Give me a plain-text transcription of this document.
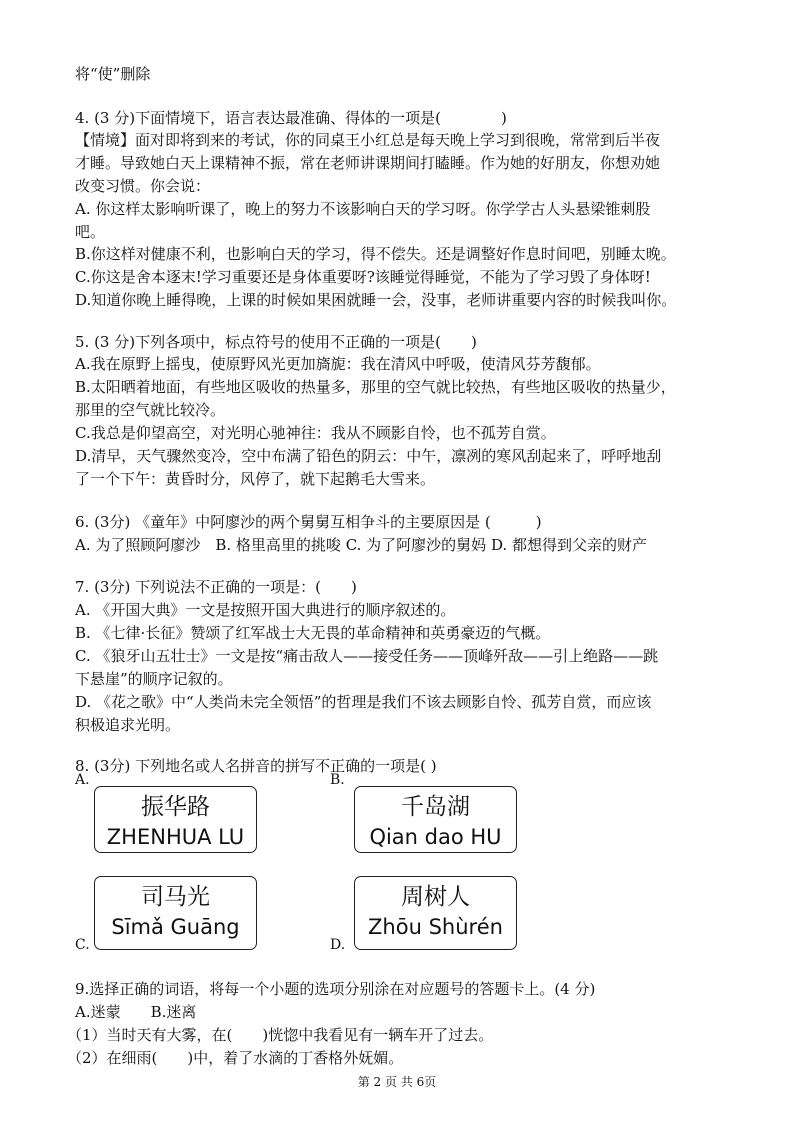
将“使”删除
4. (3 分)下面情境下，语言表达最准确、得体的一项是(　　　　)
【情境】面对即将到来的考试，你的同桌王小红总是每天晚上学习到很晚，常常到后半夜
才睡。导致她白天上课精神不振，常在老师讲课期间打瞌睡。作为她的好朋友，你想劝她
改变习惯。你会说：
A. 你这样太影响听课了，晚上的努力不该影响白天的学习呀。你学学古人头悬梁锥刺股
吧。
B.你这样对健康不利，也影响白天的学习，得不偿失。还是调整好作息时间吧，别睡太晚。
C.你这是舍本逐末!学习重要还是身体重要呀?该睡觉得睡觉，不能为了学习毁了身体呀!
D.知道你晚上睡得晚，上课的时候如果困就睡一会，没事，老师讲重要内容的时候我叫你。
5. (3 分)下列各项中，标点符号的使用不正确的一项是(　　)
A.我在原野上摇曳，使原野风光更加旖旎：我在清风中呼吸，使清风芬芳馥郁。
B.太阳晒着地面，有些地区吸收的热量多，那里的空气就比较热，有些地区吸收的热量少，
那里的空气就比较冷。
C.我总是仰望高空，对光明心驰神往：我从不顾影自怜，也不孤芳自赏。
D.清早，天气骤然变冷，空中布满了铅色的阴云：中午，凛冽的寒风刮起来了，呼呼地刮
了一个下午：黄昏时分，风停了，就下起鹅毛大雪来。
6. (3分) 《童年》中阿廖沙的两个舅舅互相争斗的主要原因是 (　　　)
A. 为了照顾阿廖沙　B. 格里高里的挑唆 C. 为了阿廖沙的舅妈 D. 都想得到父亲的财产
7. (3分) 下列说法不正确的一项是：(　　)
A. 《开国大典》一文是按照开国大典进行的顺序叙述的。
B. 《七律·长征》赞颂了红军战士大无畏的革命精神和英勇豪迈的气概。
C. 《狼牙山五壮士》一文是按“痛击敌人——接受任务——顶峰歼敌——引上绝路——跳
下悬崖”的顺序记叙的。
D. 《花之歌》中“人类尚未完全领悟”的哲理是我们不该去顾影自怜、孤芳自赏，而应该
积极追求光明。
8. (3分) 下列地名或人名拼音的拼写不正确的一项是( )
A.	B.
振华路
ZHENHUA LU
千岛湖
Qian dao HU
司马光
Sīmǎ Guāng
周树人
Zhōu Shùrén
C.	D.
9.选择正确的词语，将每一个小题的选项分别涂在对应题号的答题卡上。(4 分)
A.迷蒙　　B.迷离
（1）当时天有大雾，在(　　)恍惚中我看见有一辆车开了过去。
（2）在细雨(　　)中，着了水滴的丁香格外妩媚。
第 2 页 共 6页
